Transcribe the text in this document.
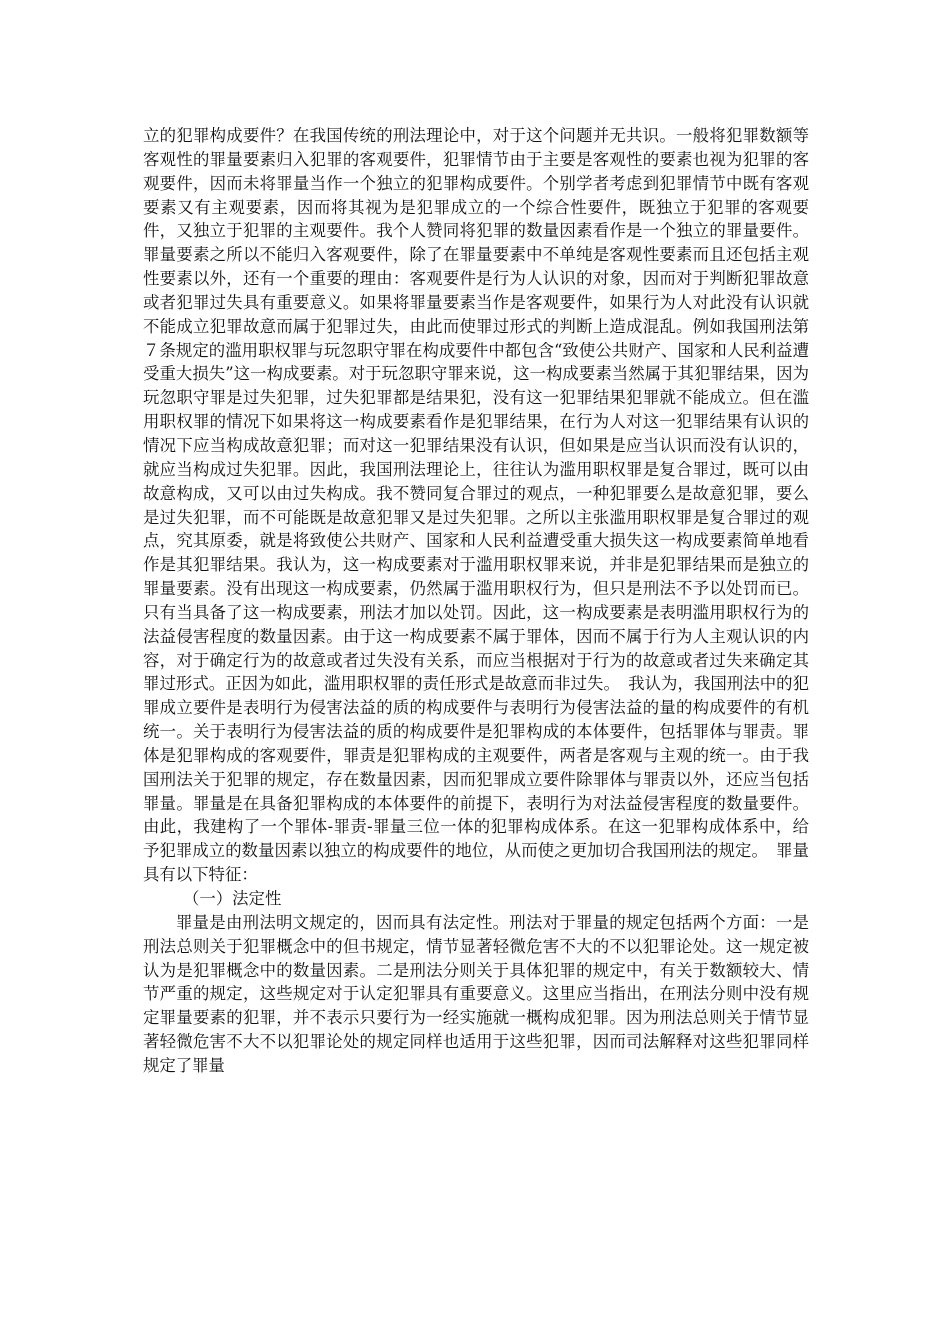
立的犯罪构成要件？在我国传统的刑法理论中，对于这个问题并无共识。一般将犯罪数额等客观性的罪量要素归入犯罪的客观要件，犯罪情节由于主要是客观性的要素也视为犯罪的客观要件，因而未将罪量当作一个独立的犯罪构成要件。个别学者考虑到犯罪情节中既有客观要素又有主观要素，因而将其视为是犯罪成立的一个综合性要件，既独立于犯罪的客观要件，又独立于犯罪的主观要件。我个人赞同将犯罪的数量因素看作是一个独立的罪量要件。罪量要素之所以不能归入客观要件，除了在罪量要素中不单纯是客观性要素而且还包括主观性要素以外，还有一个重要的理由：客观要件是行为人认识的对象，因而对于判断犯罪故意或者犯罪过失具有重要意义。如果将罪量要素当作是客观要件，如果行为人对此没有认识就不能成立犯罪故意而属于犯罪过失，由此而使罪过形式的判断上造成混乱。例如我国刑法第７条规定的滥用职权罪与玩忽职守罪在构成要件中都包含“致使公共财产、国家和人民利益遭受重大损失”这一构成要素。对于玩忽职守罪来说，这一构成要素当然属于其犯罪结果，因为玩忽职守罪是过失犯罪，过失犯罪都是结果犯，没有这一犯罪结果犯罪就不能成立。但在滥用职权罪的情况下如果将这一构成要素看作是犯罪结果，在行为人对这一犯罪结果有认识的情况下应当构成故意犯罪；而对这一犯罪结果没有认识，但如果是应当认识而没有认识的，就应当构成过失犯罪。因此，我国刑法理论上，往往认为滥用职权罪是复合罪过，既可以由故意构成，又可以由过失构成。我不赞同复合罪过的观点，一种犯罪要么是故意犯罪，要么是过失犯罪，而不可能既是故意犯罪又是过失犯罪。之所以主张滥用职权罪是复合罪过的观点，究其原委，就是将致使公共财产、国家和人民利益遭受重大损失这一构成要素简单地看作是其犯罪结果。我认为，这一构成要素对于滥用职权罪来说，并非是犯罪结果而是独立的罪量要素。没有出现这一构成要素，仍然属于滥用职权行为，但只是刑法不予以处罚而已。只有当具备了这一构成要素，刑法才加以处罚。因此，这一构成要素是表明滥用职权行为的法益侵害程度的数量因素。由于这一构成要素不属于罪体，因而不属于行为人主观认识的内容，对于确定行为的故意或者过失没有关系，而应当根据对于行为的故意或者过失来确定其罪过形式。正因为如此，滥用职权罪的责任形式是故意而非过失。　我认为，我国刑法中的犯罪成立要件是表明行为侵害法益的质的构成要件与表明行为侵害法益的量的构成要件的有机统一。关于表明行为侵害法益的质的构成要件是犯罪构成的本体要件，包括罪体与罪责。罪体是犯罪构成的客观要件，罪责是犯罪构成的主观要件，两者是客观与主观的统一。由于我国刑法关于犯罪的规定，存在数量因素，因而犯罪成立要件除罪体与罪责以外，还应当包括罪量。罪量是在具备犯罪构成的本体要件的前提下，表明行为对法益侵害程度的数量要件。由此，我建构了一个罪体-罪责-罪量三位一体的犯罪构成体系。在这一犯罪构成体系中，给予犯罪成立的数量因素以独立的构成要件的地位，从而使之更加切合我国刑法的规定。　罪量具有以下特征：

（一）法定性

罪量是由刑法明文规定的，因而具有法定性。刑法对于罪量的规定包括两个方面：一是刑法总则关于犯罪概念中的但书规定，情节显著轻微危害不大的不以犯罪论处。这一规定被认为是犯罪概念中的数量因素。二是刑法分则关于具体犯罪的规定中，有关于数额较大、情节严重的规定，这些规定对于认定犯罪具有重要意义。这里应当指出，在刑法分则中没有规定罪量要素的犯罪，并不表示只要行为一经实施就一概构成犯罪。因为刑法总则关于情节显著轻微危害不大不以犯罪论处的规定同样也适用于这些犯罪，因而司法解释对这些犯罪同样规定了罪量
